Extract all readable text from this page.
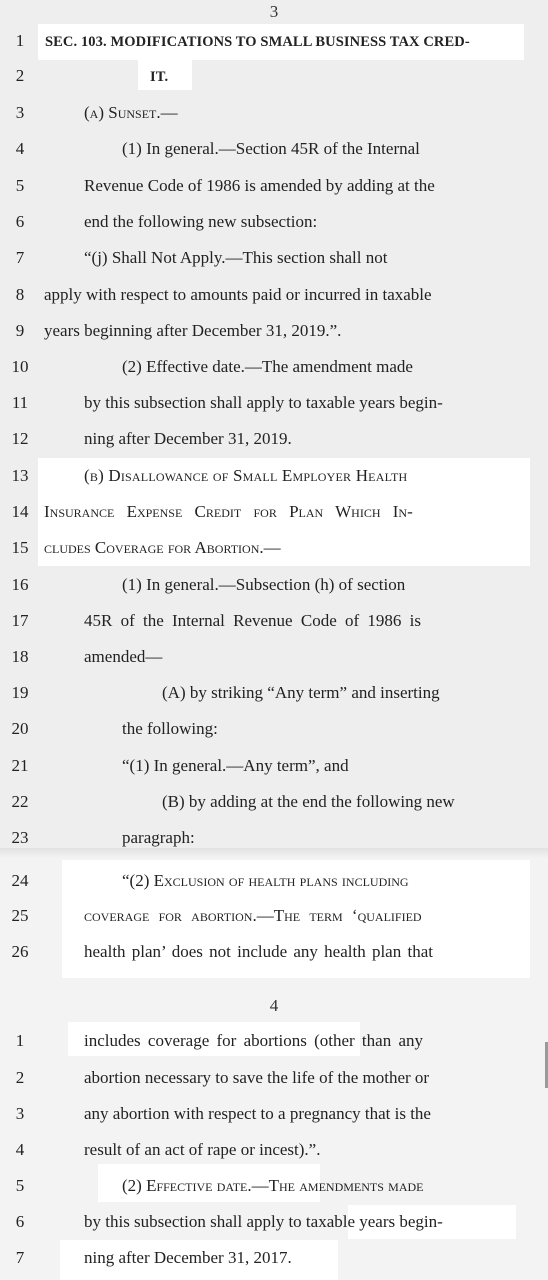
3
4
1	SEC. 103. MODIFICATIONS TO SMALL BUSINESS TAX CRED-
2	IT.
3	(a) Sunset.—
4	(1) In general.—Section 45R of the Internal
5	Revenue Code of 1986 is amended by adding at the
6	end the following new subsection:
7	“(j) Shall Not Apply.—This section shall not
8	apply with respect to amounts paid or incurred in taxable
9	years beginning after December 31, 2019.”.
10	(2) Effective date.—The amendment made
11	by this subsection shall apply to taxable years begin-
12	ning after December 31, 2019.
13	(b) Disallowance of Small Employer Health
14 Insurance Expense Credit for Plan Which In-
15 cludes Coverage for Abortion.—
16	(1) In general.—Subsection (h) of section
17	45R of the Internal Revenue Code of 1986 is
18	amended—
19	(A) by striking “Any term” and inserting
20	the following:
21	“(1) In general.—Any term”, and
22	(B) by adding at the end the following new
23	paragraph:
24	“(2) Exclusion of health plans including
25	coverage for abortion.—The term ‘qualified
26	health plan’ does not include any health plan that
1	includes coverage for abortions (other than any
2	abortion necessary to save the life of the mother or
3	any abortion with respect to a pregnancy that is the
4	result of an act of rape or incest).”.
5	(2) Effective date.—The amendments made
6	by this subsection shall apply to taxable years begin-
7	ning after December 31, 2017.
